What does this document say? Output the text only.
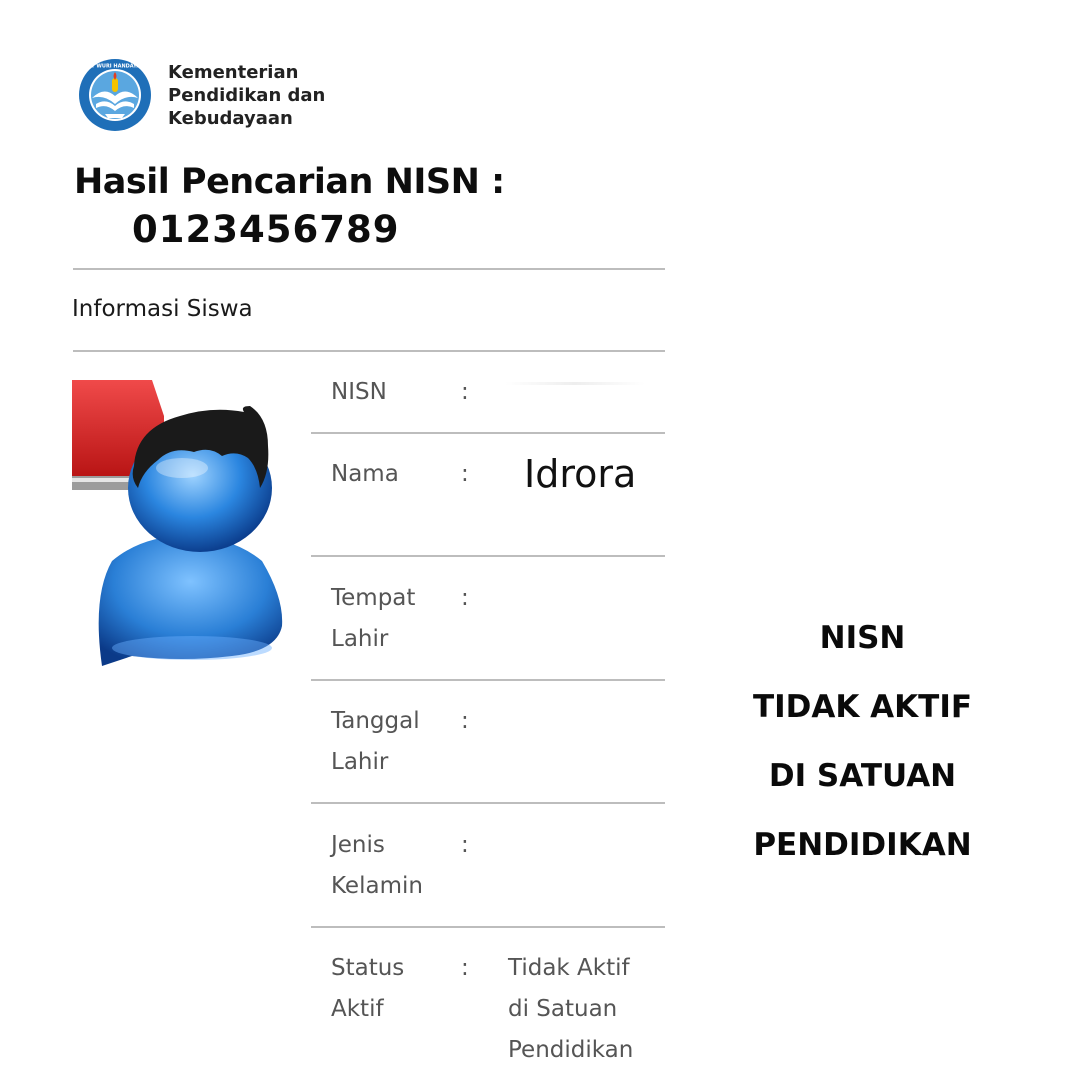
TUT WURI HANDAYANI Kementerian
Pendidikan dan
Kebudayaan
Hasil Pencarian NISN :
0123456789
Informasi Siswa
NISN	:
Nama	: Idrora
Tempat
Lahir
:
Tanggal
Lahir
:
Jenis
Kelamin
:
Status
Aktif
: Tidak Aktif
di Satuan
Pendidikan
NISN
TIDAK AKTIF
DI SATUAN
PENDIDIKAN
